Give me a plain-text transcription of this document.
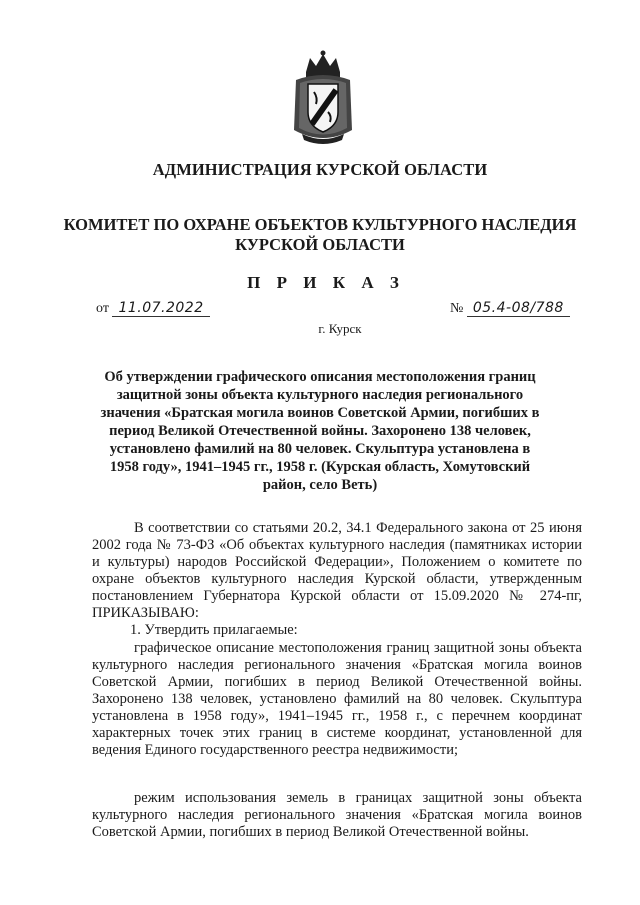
АДМИНИСТРАЦИЯ КУРСКОЙ ОБЛАСТИ
КОМИТЕТ ПО ОХРАНЕ ОБЪЕКТОВ КУЛЬТУРНОГО НАСЛЕДИЯ
КУРСКОЙ ОБЛАСТИ
П Р И К А З
от 11.07.2022	№ 05.4-08/788
г. Курск
Об утверждении графического описания местоположения границ защитной зоны объекта культурного наследия регионального значения «Братская могила воинов Советской Армии, погибших в период Великой Отечественной войны. Захоронено 138 человек, установлено фамилий на 80 человек. Скульптура установлена в 1958 году», 1941–1945 гг., 1958 г. (Курская область, Хомутовский район, село Веть)
В соответствии со статьями 20.2, 34.1 Федерального закона от 25 июня 2002 года № 73-ФЗ «Об объектах культурного наследия (памятниках истории и культуры) народов Российской Федерации», Положением о комитете по охране объектов культурного наследия Курской области, утвержденным постановлением Губернатора Курской области от 15.09.2020 № 274-пг, ПРИКАЗЫВАЮ:
1. Утвердить прилагаемые:
графическое описание местоположения границ защитной зоны объекта культурного наследия регионального значения «Братская могила воинов Советской Армии, погибших в период Великой Отечественной войны. Захоронено 138 человек, установлено фамилий на 80 человек. Скульптура установлена в 1958 году», 1941–1945 гг., 1958 г., с перечнем координат характерных точек этих границ в системе координат, установленной для ведения Единого государственного реестра недвижимости;
режим использования земель в границах защитной зоны объекта культурного наследия регионального значения «Братская могила воинов Советской Армии, погибших в период Великой Отечественной войны.
